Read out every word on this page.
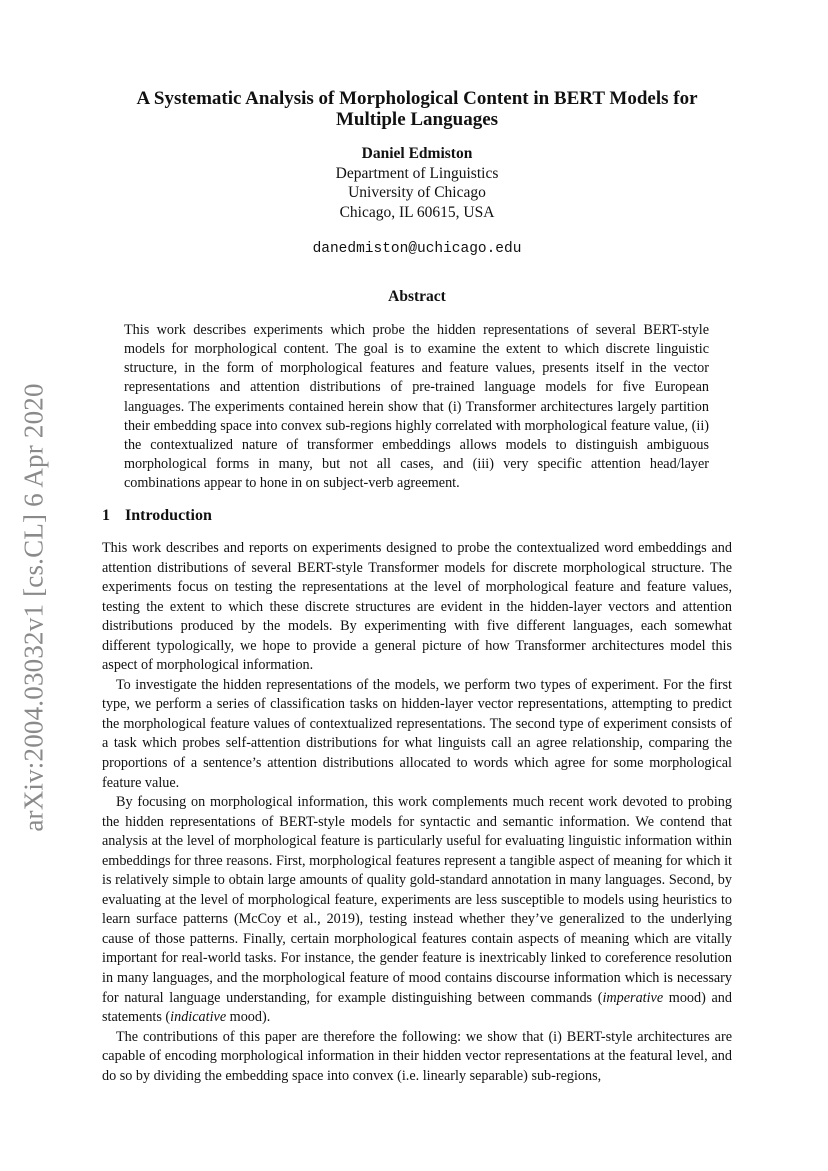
arXiv:2004.03032v1 [cs.CL] 6 Apr 2020
A Systematic Analysis of Morphological Content in BERT Models for
Multiple Languages
Daniel Edmiston
Department of Linguistics
University of Chicago
Chicago, IL 60615, USA
danedmiston@uchicago.edu
Abstract

This work describes experiments which probe the hidden representations of several BERT-style models for morphological content. The goal is to examine the extent to which discrete linguistic structure, in the form of morphological features and feature values, presents itself in the vector representations and attention distributions of pre-trained language models for five European languages. The experiments contained herein show that (i) Transformer architectures largely partition their embedding space into convex sub-regions highly correlated with morphological feature value, (ii) the contextualized nature of transformer embeddings allows models to distinguish ambiguous morphological forms in many, but not all cases, and (iii) very specific attention head/layer combinations appear to hone in on subject-verb agreement.

1 Introduction

This work describes and reports on experiments designed to probe the contextualized word embeddings and attention distributions of several BERT-style Transformer models for discrete morphological structure. The experiments focus on testing the representations at the level of morphological feature and feature values, testing the extent to which these discrete structures are evident in the hidden-layer vectors and attention distributions produced by the models. By experimenting with five different languages, each somewhat different typologically, we hope to provide a general picture of how Transformer architectures model this aspect of morphological information.

To investigate the hidden representations of the models, we perform two types of experiment. For the first type, we perform a series of classification tasks on hidden-layer vector representations, attempting to predict the morphological feature values of contextualized representations. The second type of experiment consists of a task which probes self-attention distributions for what linguists call an agree relationship, comparing the proportions of a sentence’s attention distributions allocated to words which agree for some morphological feature value.

By focusing on morphological information, this work complements much recent work devoted to probing the hidden representations of BERT-style models for syntactic and semantic information. We contend that analysis at the level of morphological feature is particularly useful for evaluating linguistic information within embeddings for three reasons. First, morphological features represent a tangible aspect of meaning for which it is relatively simple to obtain large amounts of quality gold-standard annotation in many languages. Second, by evaluating at the level of morphological feature, experiments are less susceptible to models using heuristics to learn surface patterns (McCoy et al., 2019), testing instead whether they’ve generalized to the underlying cause of those patterns. Finally, certain morphological features contain aspects of meaning which are vitally important for real-world tasks. For instance, the gender feature is inextricably linked to coreference resolution in many languages, and the morphological feature of mood contains discourse information which is necessary for natural language understanding, for example distinguishing between commands (imperative mood) and statements (indicative mood).

The contributions of this paper are therefore the following: we show that (i) BERT-style architectures are capable of encoding morphological information in their hidden vector representations at the featural level, and do so by dividing the embedding space into convex (i.e. linearly separable) sub-regions,
